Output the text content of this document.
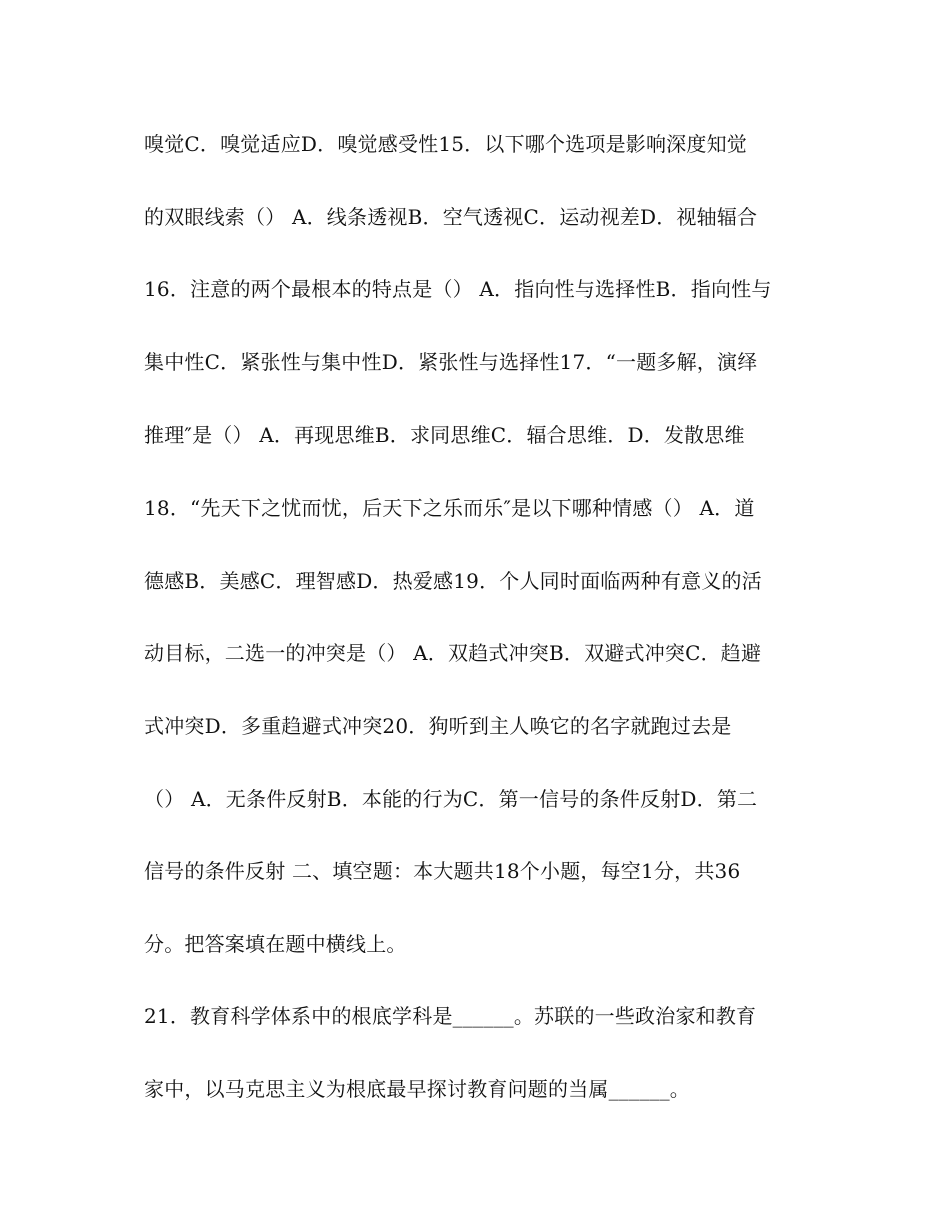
嗅觉C．嗅觉适应D．嗅觉感受性15．以下哪个选项是影响深度知觉
的双眼线索（） A．线条透视B．空气透视C．运动视差D．视轴辐合
16．注意的两个最根本的特点是（） A．指向性与选择性B．指向性与
集中性C．紧张性与集中性D．紧张性与选择性17．“一题多解，演绎
推理″是（） A．再现思维B．求同思维C．辐合思维．D．发散思维
18．“先天下之忧而忧，后天下之乐而乐″是以下哪种情感（） A．道
德感B．美感C．理智感D．热爱感19．个人同时面临两种有意义的活
动目标，二选一的冲突是（） A．双趋式冲突B．双避式冲突C．趋避
式冲突D．多重趋避式冲突20．狗听到主人唤它的名字就跑过去是
（） A．无条件反射B．本能的行为C．第一信号的条件反射D．第二
信号的条件反射 二、填空题：本大题共18个小题，每空1分，共36
分。把答案填在题中横线上。
21．教育科学体系中的根底学科是______。苏联的一些政治家和教育
家中，以马克思主义为根底最早探讨教育问题的当属______。
